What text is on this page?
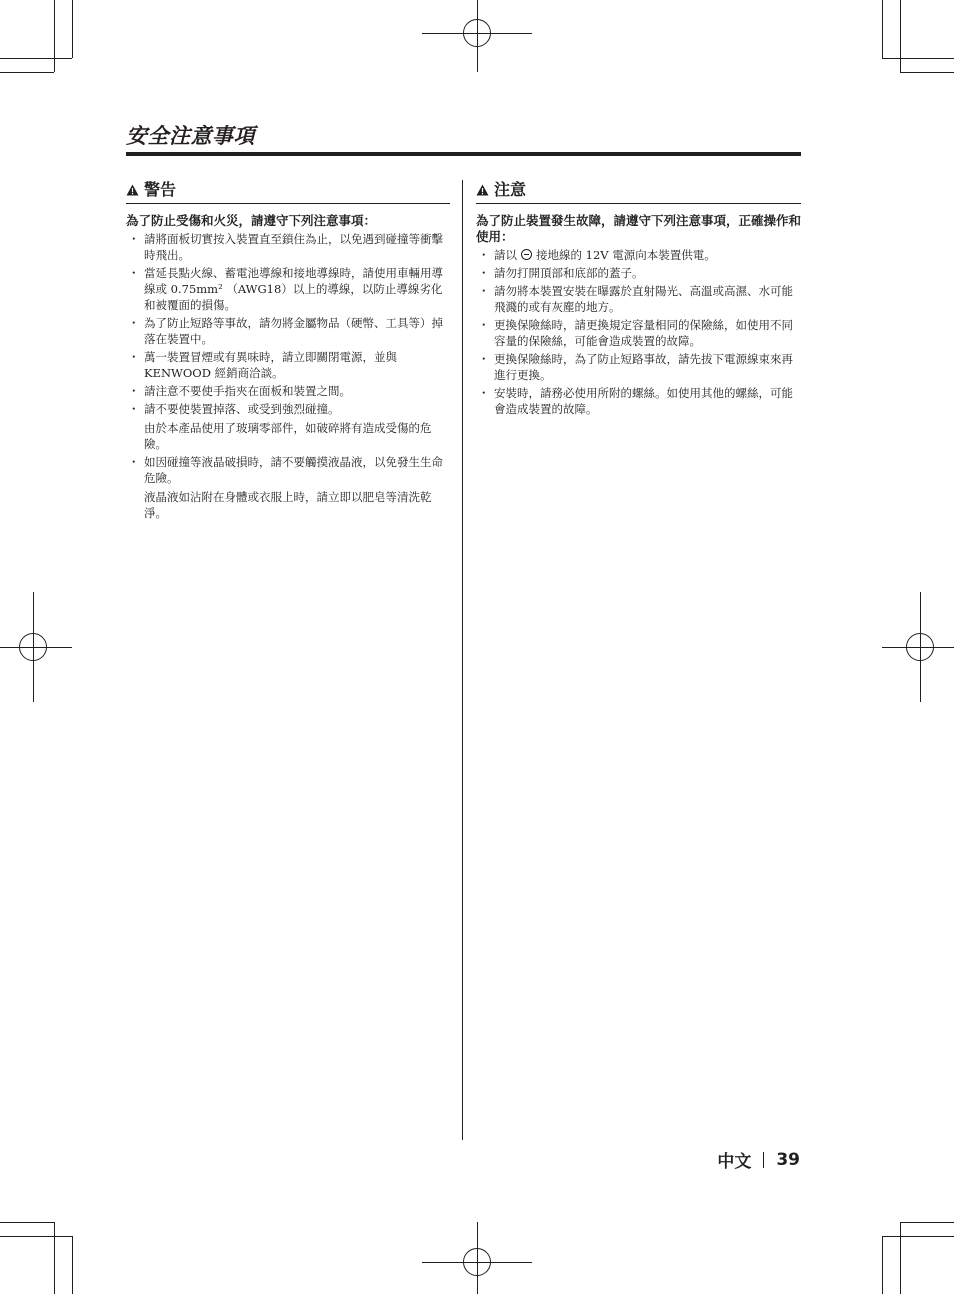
安全注意事項
警告
為了防止受傷和火災，請遵守下列注意事項：
・ 請將面板切實按入裝置直至鎖住為止，以免遇到碰撞等衝擊時飛出。
・ 當延長點火線、蓄電池導線和接地導線時，請使用車輛用導線或 0.75mm² （AWG18）以上的導線，以防止導線劣化和被覆面的損傷。
・ 為了防止短路等事故，請勿將金屬物品（硬幣、工具等）掉落在裝置中。
・ 萬一裝置冒煙或有異味時，請立即關閉電源，並與 KENWOOD 經銷商洽談。
・ 請注意不要使手指夾在面板和裝置之間。
・ 請不要使裝置掉落、或受到強烈碰撞。
由於本產品使用了玻璃零部件，如破碎將有造成受傷的危險。
・ 如因碰撞等液晶破損時，請不要觸摸液晶液，以免發生生命危險。
液晶液如沾附在身體或衣服上時，請立即以肥皂等清洗乾淨。
注意
為了防止裝置發生故障，請遵守下列注意事項，正確操作和使用：
・ 請以 接地線的 12V 電源向本裝置供電。
・ 請勿打開頂部和底部的蓋子。
・ 請勿將本裝置安裝在曝露於直射陽光、高溫或高濕、水可能飛濺的或有灰塵的地方。
・ 更換保險絲時，請更換規定容量相同的保險絲，如使用不同容量的保險絲，可能會造成裝置的故障。
・ 更換保險絲時，為了防止短路事故，請先拔下電源線束來再進行更換。
・ 安裝時，請務必使用所附的螺絲。如使用其他的螺絲，可能會造成裝置的故障。
中文 39
